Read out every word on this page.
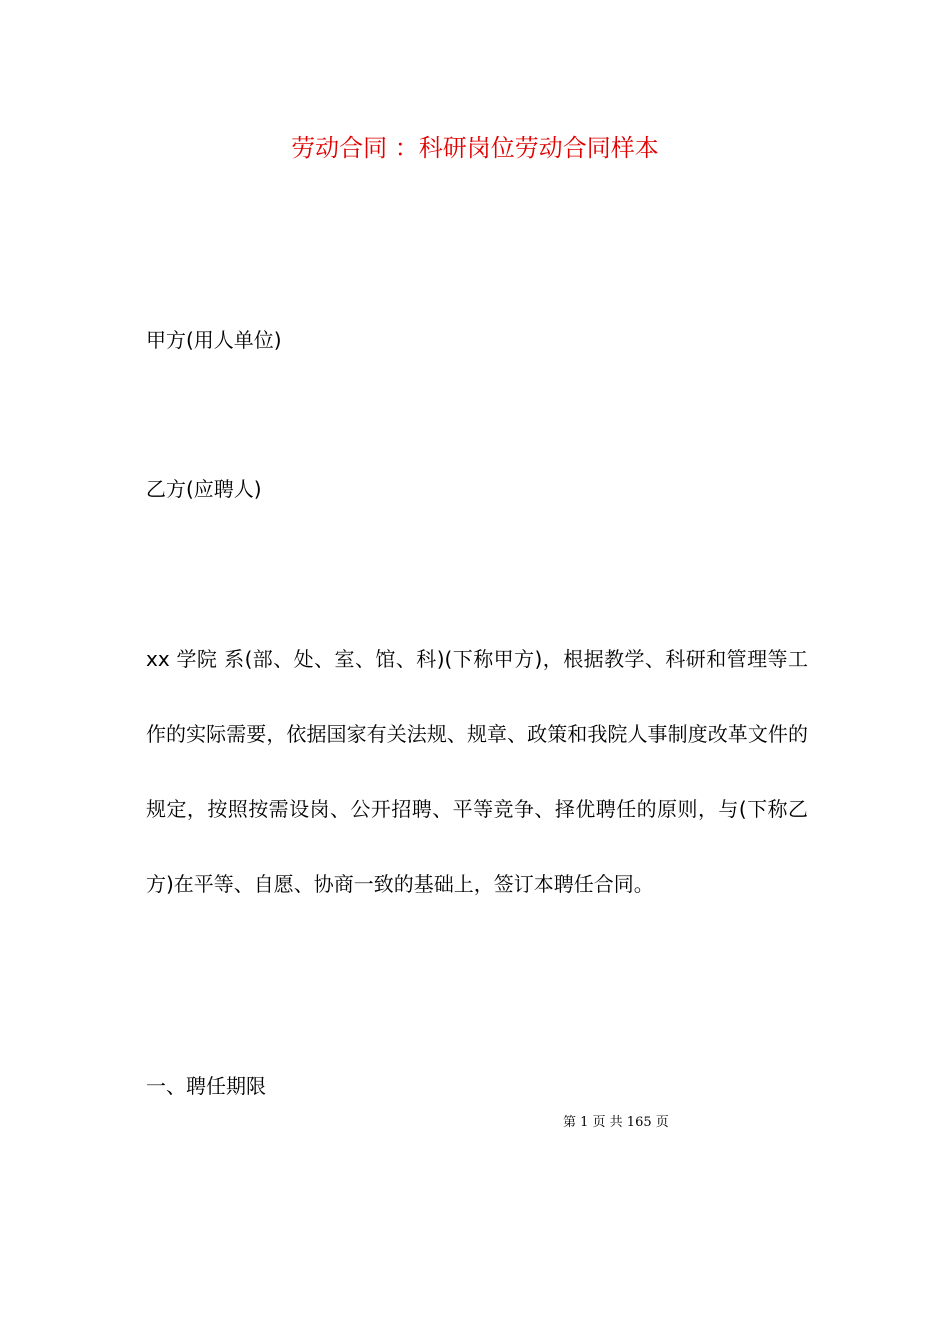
劳动合同 ：科研岗位劳动合同样本

甲方(用人单位)

乙方(应聘人)

xx 学院 系(部、处、室、馆、科)(下称甲方)，根据教学、科研和管理等工作的实际需要，依据国家有关法规、规章、政策和我院人事制度改革文件的规定，按照按需设岗、公开招聘、平等竞争、择优聘任的原则，与(下称乙方)在平等、自愿、协商一致的基础上，签订本聘任合同。

一、聘任期限
第 1 页 共 165 页
